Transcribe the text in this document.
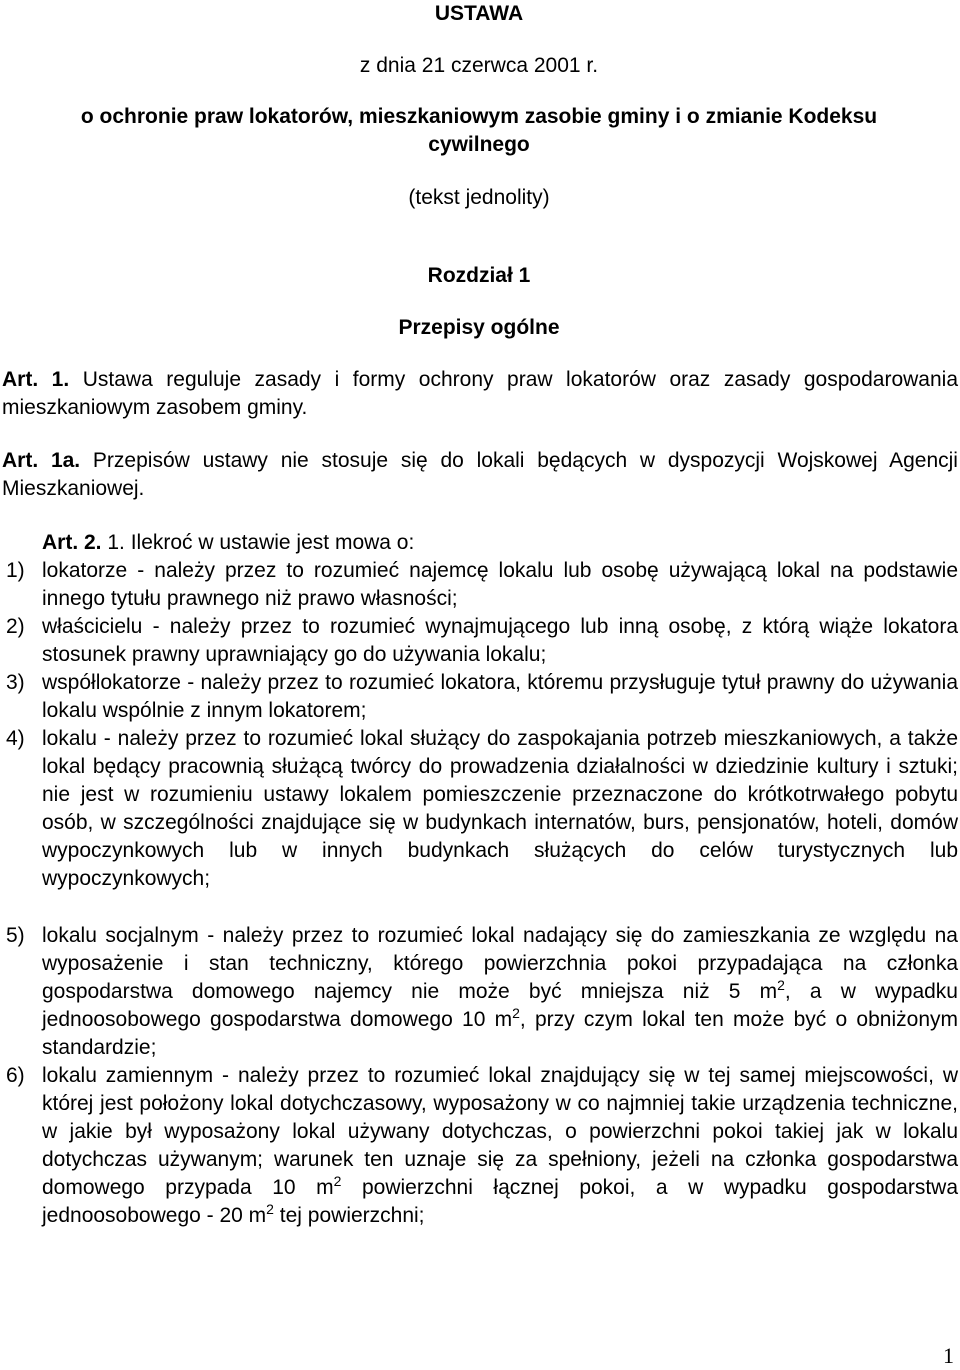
USTAWA
z dnia 21 czerwca 2001 r.
o ochronie praw lokatorów, mieszkaniowym zasobie gminy i o zmianie Kodeksu
cywilnego
(tekst jednolity)
Rozdział 1
Przepisy ogólne
Art. 1. Ustawa reguluje zasady i formy ochrony praw lokatorów oraz zasady gospodarowania mieszkaniowym zasobem gminy.
Art. 1a. Przepisów ustawy nie stosuje się do lokali będących w dyspozycji Wojskowej Agencji Mieszkaniowej.
Art. 2. 1. Ilekroć w ustawie jest mowa o:
1) lokatorze - należy przez to rozumieć najemcę lokalu lub osobę używającą lokal na podstawie innego tytułu prawnego niż prawo własności;
2) właścicielu - należy przez to rozumieć wynajmującego lub inną osobę, z którą wiąże lokatora stosunek prawny uprawniający go do używania lokalu;
3) współlokatorze - należy przez to rozumieć lokatora, któremu przysługuje tytuł prawny do używania lokalu wspólnie z innym lokatorem;
4) lokalu - należy przez to rozumieć lokal służący do zaspokajania potrzeb mieszkaniowych, a także lokal będący pracownią służącą twórcy do prowadzenia działalności w dziedzinie kultury i sztuki; nie jest w rozumieniu ustawy lokalem pomieszczenie przeznaczone do krótkotrwałego pobytu osób, w szczególności znajdujące się w budynkach internatów, burs, pensjonatów, hoteli, domów wypoczynkowych lub w innych budynkach służących do celów turystycznych lub wypoczynkowych;
5) lokalu socjalnym - należy przez to rozumieć lokal nadający się do zamieszkania ze względu na wyposażenie i stan techniczny, którego powierzchnia pokoi przypadająca na członka gospodarstwa domowego najemcy nie może być mniejsza niż 5 $m^2$, a w wypadku jednoosobowego gospodarstwa domowego 10 $m^2$, przy czym lokal ten może być o obniżonym standardzie;
6) lokalu zamiennym - należy przez to rozumieć lokal znajdujący się w tej samej miejscowości, w której jest położony lokal dotychczasowy, wyposażony w co najmniej takie urządzenia techniczne, w jakie był wyposażony lokal używany dotychczas, o powierzchni pokoi takiej jak w lokalu dotychczas używanym; warunek ten uznaje się za spełniony, jeżeli na członka gospodarstwa domowego przypada 10 $m^2$ powierzchni łącznej pokoi, a w wypadku gospodarstwa jednoosobowego - 20 $m^2$ tej powierzchni;
1
